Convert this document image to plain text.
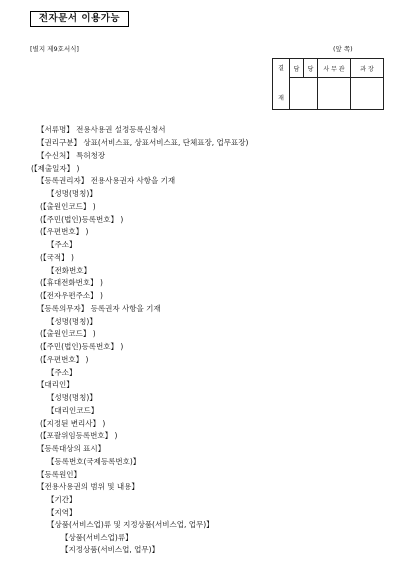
전자문서 이용가능
[별지 제9호서식]	(앞 쪽)
결
재	담	당	사 무 관	과 장

【서류명】 전용사용권 설정등록신청서
【권리구분】 상표(서비스표, 상표서비스표, 단체표장, 업무표장)
【수신처】 특허청장
(【제출일자】 )
【등록권리자】 전용사용권자 사항을 기재
【성명(명칭)】
(【출원인코드】 )
(【주민(법인)등록번호】 )
(【우편번호】 )
【주소】
(【국적】 )
【전화번호】
(【휴대전화번호】 )
(【전자우편주소】 )
【등록의무자】 등록권자 사항을 기재
【성명(명칭)】
(【출원인코드】 )
(【주민(법인)등록번호】 )
(【우편번호】 )
【주소】
【대리인】
【성명(명칭)】
【대리인코드】
(【지정된 변리사】 )
(【포괄위임등록번호】 )
【등록대상의 표시】
【등록번호(국제등록번호)】
【등록원인】
【전용사용권의 범위 및 내용】
【기간】
【지역】
【상품(서비스업)류 및 지정상품(서비스업, 업무)】
【상품(서비스업)류】
【지정상품(서비스업, 업무)】
